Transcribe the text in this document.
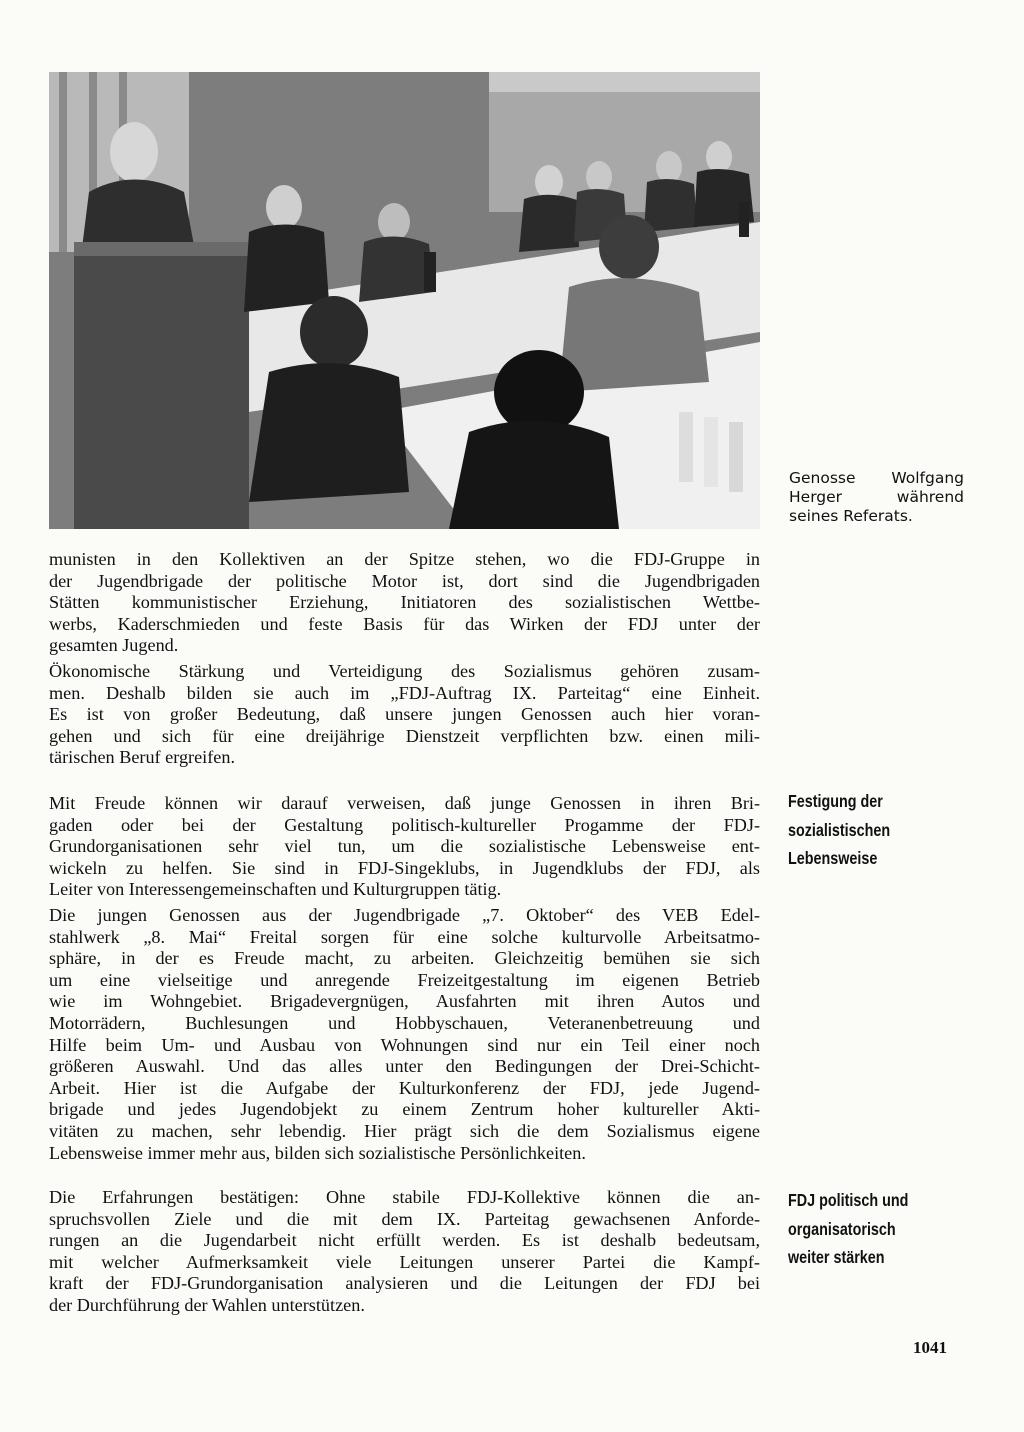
Genosse Wolfgang
Herger während
seines Referats.
munisten in den Kollektiven an der Spitze stehen, wo die FDJ-Gruppe in
der Jugendbrigade der politische Motor ist, dort sind die Jugendbrigaden
Stätten kommunistischer Erziehung, Initiatoren des sozialistischen Wettbe-
werbs, Kaderschmieden und feste Basis für das Wirken der FDJ unter der
gesamten Jugend.
Ökonomische Stärkung und Verteidigung des Sozialismus gehören zusam-
men. Deshalb bilden sie auch im „FDJ-Auftrag IX. Parteitag“ eine Einheit.
Es ist von großer Bedeutung, daß unsere jungen Genossen auch hier voran-
gehen und sich für eine dreijährige Dienstzeit verpflichten bzw. einen mili-
tärischen Beruf ergreifen.
Mit Freude können wir darauf verweisen, daß junge Genossen in ihren Bri-
gaden oder bei der Gestaltung politisch-kultureller Progamme der FDJ-
Grundorganisationen sehr viel tun, um die sozialistische Lebensweise ent-
wickeln zu helfen. Sie sind in FDJ-Singeklubs, in Jugendklubs der FDJ, als
Leiter von Interessengemeinschaften und Kulturgruppen tätig.
Die jungen Genossen aus der Jugendbrigade „7. Oktober“ des VEB Edel-
stahlwerk „8. Mai“ Freital sorgen für eine solche kulturvolle Arbeitsatmo-
sphäre, in der es Freude macht, zu arbeiten. Gleichzeitig bemühen sie sich
um eine vielseitige und anregende Freizeitgestaltung im eigenen Betrieb
wie im Wohngebiet. Brigadevergnügen, Ausfahrten mit ihren Autos und
Motorrädern, Buchlesungen und Hobbyschauen, Veteranenbetreuung und
Hilfe beim Um- und Ausbau von Wohnungen sind nur ein Teil einer noch
größeren Auswahl. Und das alles unter den Bedingungen der Drei-Schicht-
Arbeit. Hier ist die Aufgabe der Kulturkonferenz der FDJ, jede Jugend-
brigade und jedes Jugendobjekt zu einem Zentrum hoher kultureller Akti-
vitäten zu machen, sehr lebendig. Hier prägt sich die dem Sozialismus eigene
Lebensweise immer mehr aus, bilden sich sozialistische Persönlichkeiten.
Die Erfahrungen bestätigen: Ohne stabile FDJ-Kollektive können die an-
spruchsvollen Ziele und die mit dem IX. Parteitag gewachsenen Anforde-
rungen an die Jugendarbeit nicht erfüllt werden. Es ist deshalb bedeutsam,
mit welcher Aufmerksamkeit viele Leitungen unserer Partei die Kampf-
kraft der FDJ-Grundorganisation analysieren und die Leitungen der FDJ bei
der Durchführung der Wahlen unterstützen.
Festigung der
sozialistischen
Lebensweise
FDJ politisch und
organisatorisch
weiter stärken
1041
